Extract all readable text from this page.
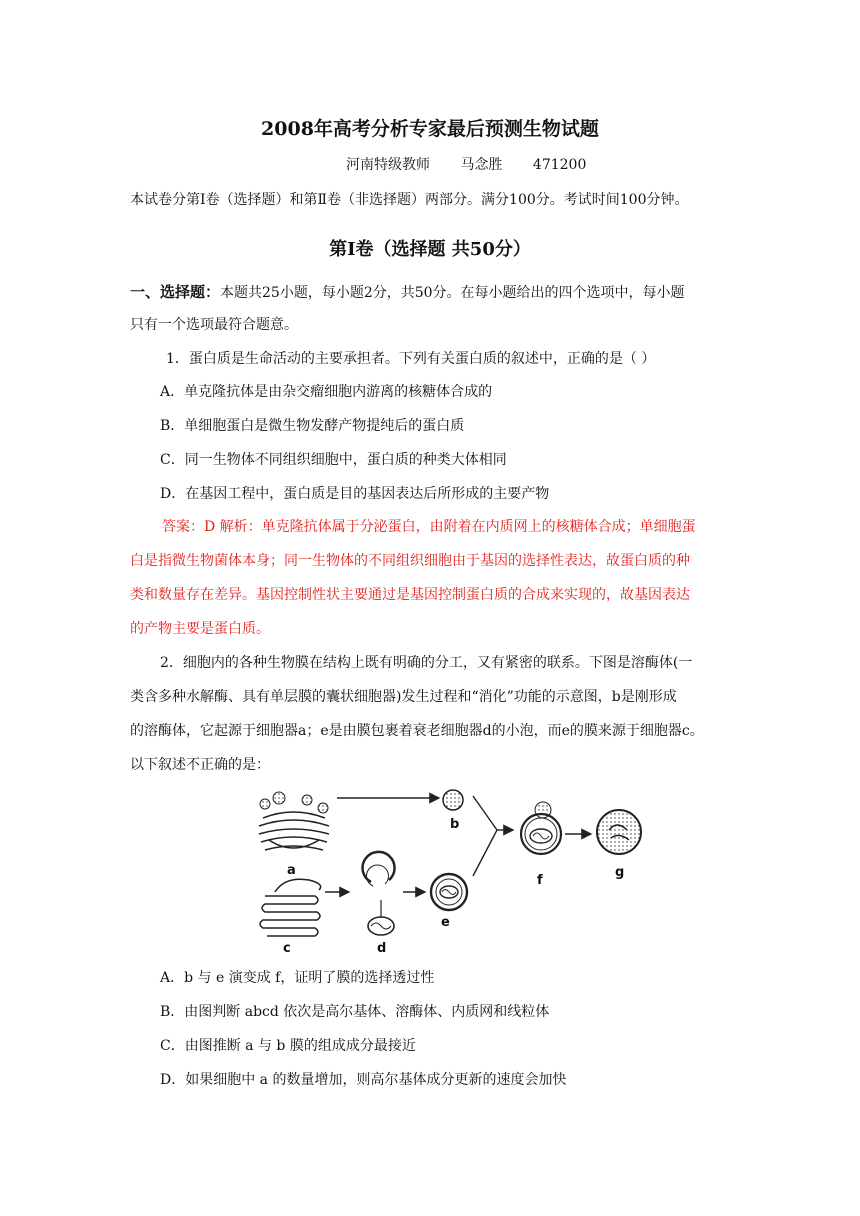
2008年高考分析专家最后预测生物试题
河南特级教师 马念胜 471200
本试卷分第Ⅰ卷（选择题）和第Ⅱ卷（非选择题）两部分。满分100分。考试时间100分钟。
第Ⅰ卷（选择题 共50分）
一、选择题：本题共25小题，每小题2分，共50分。在每小题给出的四个选项中，每小题
只有一个选项最符合题意。
1．蛋白质是生命活动的主要承担者。下列有关蛋白质的叙述中，正确的是（ ）
A．单克隆抗体是由杂交瘤细胞内游离的核糖体合成的
B．单细胞蛋白是微生物发酵产物提纯后的蛋白质
C．同一生物体不同组织细胞中，蛋白质的种类大体相同
D．在基因工程中，蛋白质是目的基因表达后所形成的主要产物
答案：D 解析：单克隆抗体属于分泌蛋白，由附着在内质网上的核糖体合成；单细胞蛋
白是指微生物菌体本身；同一生物体的不同组织细胞由于基因的选择性表达，故蛋白质的种
类和数量存在差异。基因控制性状主要通过是基因控制蛋白质的合成来实现的，故基因表达
的产物主要是蛋白质。
2．细胞内的各种生物膜在结构上既有明确的分工，又有紧密的联系。下图是溶酶体(一
类含多种水解酶、具有单层膜的囊状细胞器)发生过程和“消化”功能的示意图，b是刚形成
的溶酶体，它起源于细胞器a；e是由膜包裹着衰老细胞器d的小泡，而e的膜来源于细胞器c。
以下叙述不正确的是：
a
b
f
g
c	d
e
A．b 与 e 演变成 f，证明了膜的选择透过性
B．由图判断 abcd 依次是高尔基体、溶酶体、内质网和线粒体
C．由图推断 a 与 b 膜的组成成分最接近
D．如果细胞中 a 的数量增加，则高尔基体成分更新的速度会加快
